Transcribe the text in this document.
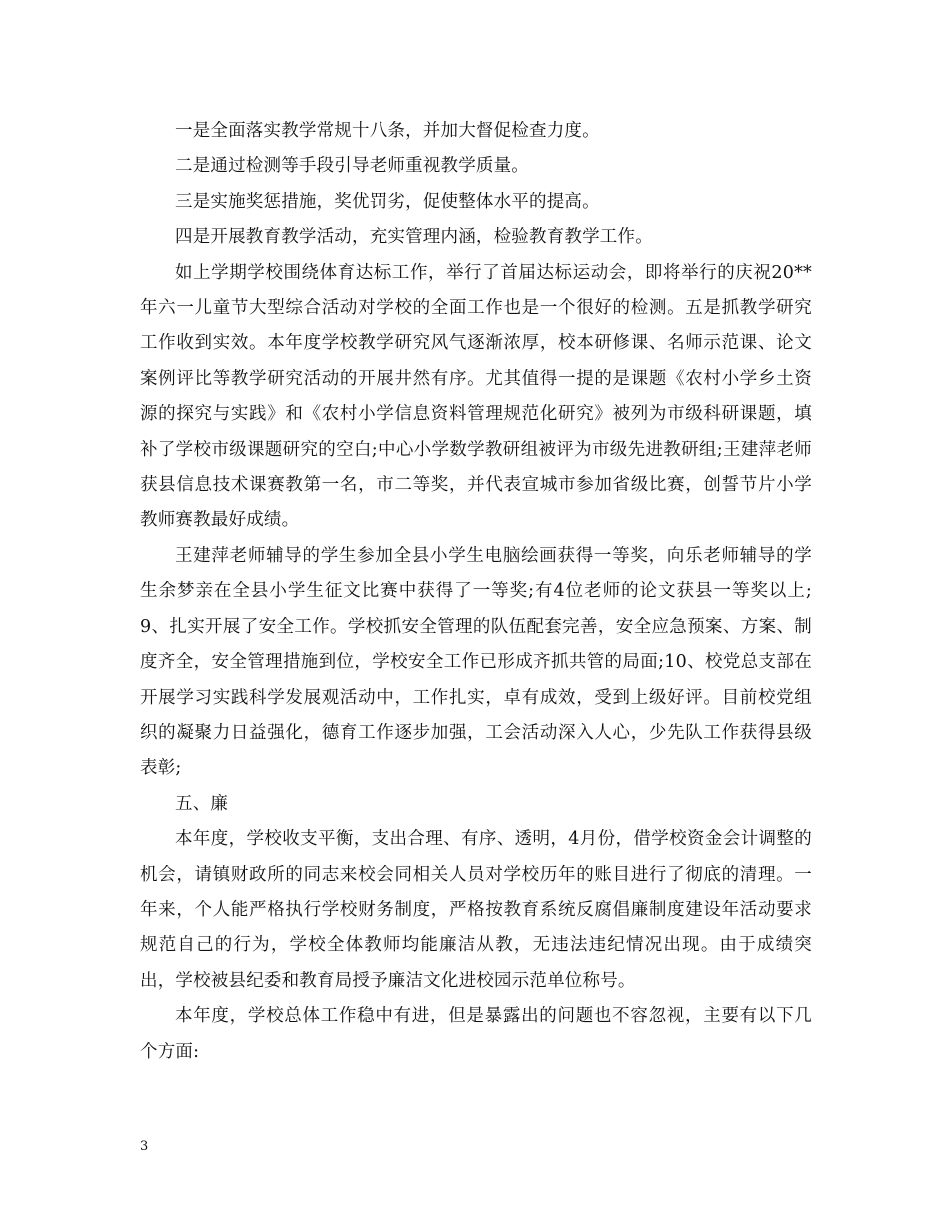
一是全面落实教学常规十八条，并加大督促检查力度。

二是通过检测等手段引导老师重视教学质量。

三是实施奖惩措施，奖优罚劣，促使整体水平的提高。

四是开展教育教学活动，充实管理内涵，检验教育教学工作。

如上学期学校围绕体育达标工作，举行了首届达标运动会，即将举行的庆祝20**年六一儿童节大型综合活动对学校的全面工作也是一个很好的检测。五是抓教学研究工作收到实效。本年度学校教学研究风气逐渐浓厚，校本研修课、名师示范课、论文案例评比等教学研究活动的开展井然有序。尤其值得一提的是课题《农村小学乡土资源的探究与实践》和《农村小学信息资料管理规范化研究》被列为市级科研课题，填补了学校市级课题研究的空白;中心小学数学教研组被评为市级先进教研组;王建萍老师获县信息技术课赛教第一名，市二等奖，并代表宣城市参加省级比赛，创誓节片小学教师赛教最好成绩。

王建萍老师辅导的学生参加全县小学生电脑绘画获得一等奖，向乐老师辅导的学生余梦亲在全县小学生征文比赛中获得了一等奖;有4位老师的论文获县一等奖以上;9、扎实开展了安全工作。学校抓安全管理的队伍配套完善，安全应急预案、方案、制度齐全，安全管理措施到位，学校安全工作已形成齐抓共管的局面;10、校党总支部在开展学习实践科学发展观活动中，工作扎实，卓有成效，受到上级好评。目前校党组织的凝聚力日益强化，德育工作逐步加强，工会活动深入人心，少先队工作获得县级表彰;

五、廉

本年度，学校收支平衡，支出合理、有序、透明，4月份，借学校资金会计调整的机会，请镇财政所的同志来校会同相关人员对学校历年的账目进行了彻底的清理。一年来，个人能严格执行学校财务制度，严格按教育系统反腐倡廉制度建设年活动要求规范自己的行为，学校全体教师均能廉洁从教，无违法违纪情况出现。由于成绩突出，学校被县纪委和教育局授予廉洁文化进校园示范单位称号。

本年度，学校总体工作稳中有进，但是暴露出的问题也不容忽视，主要有以下几个方面:

3
